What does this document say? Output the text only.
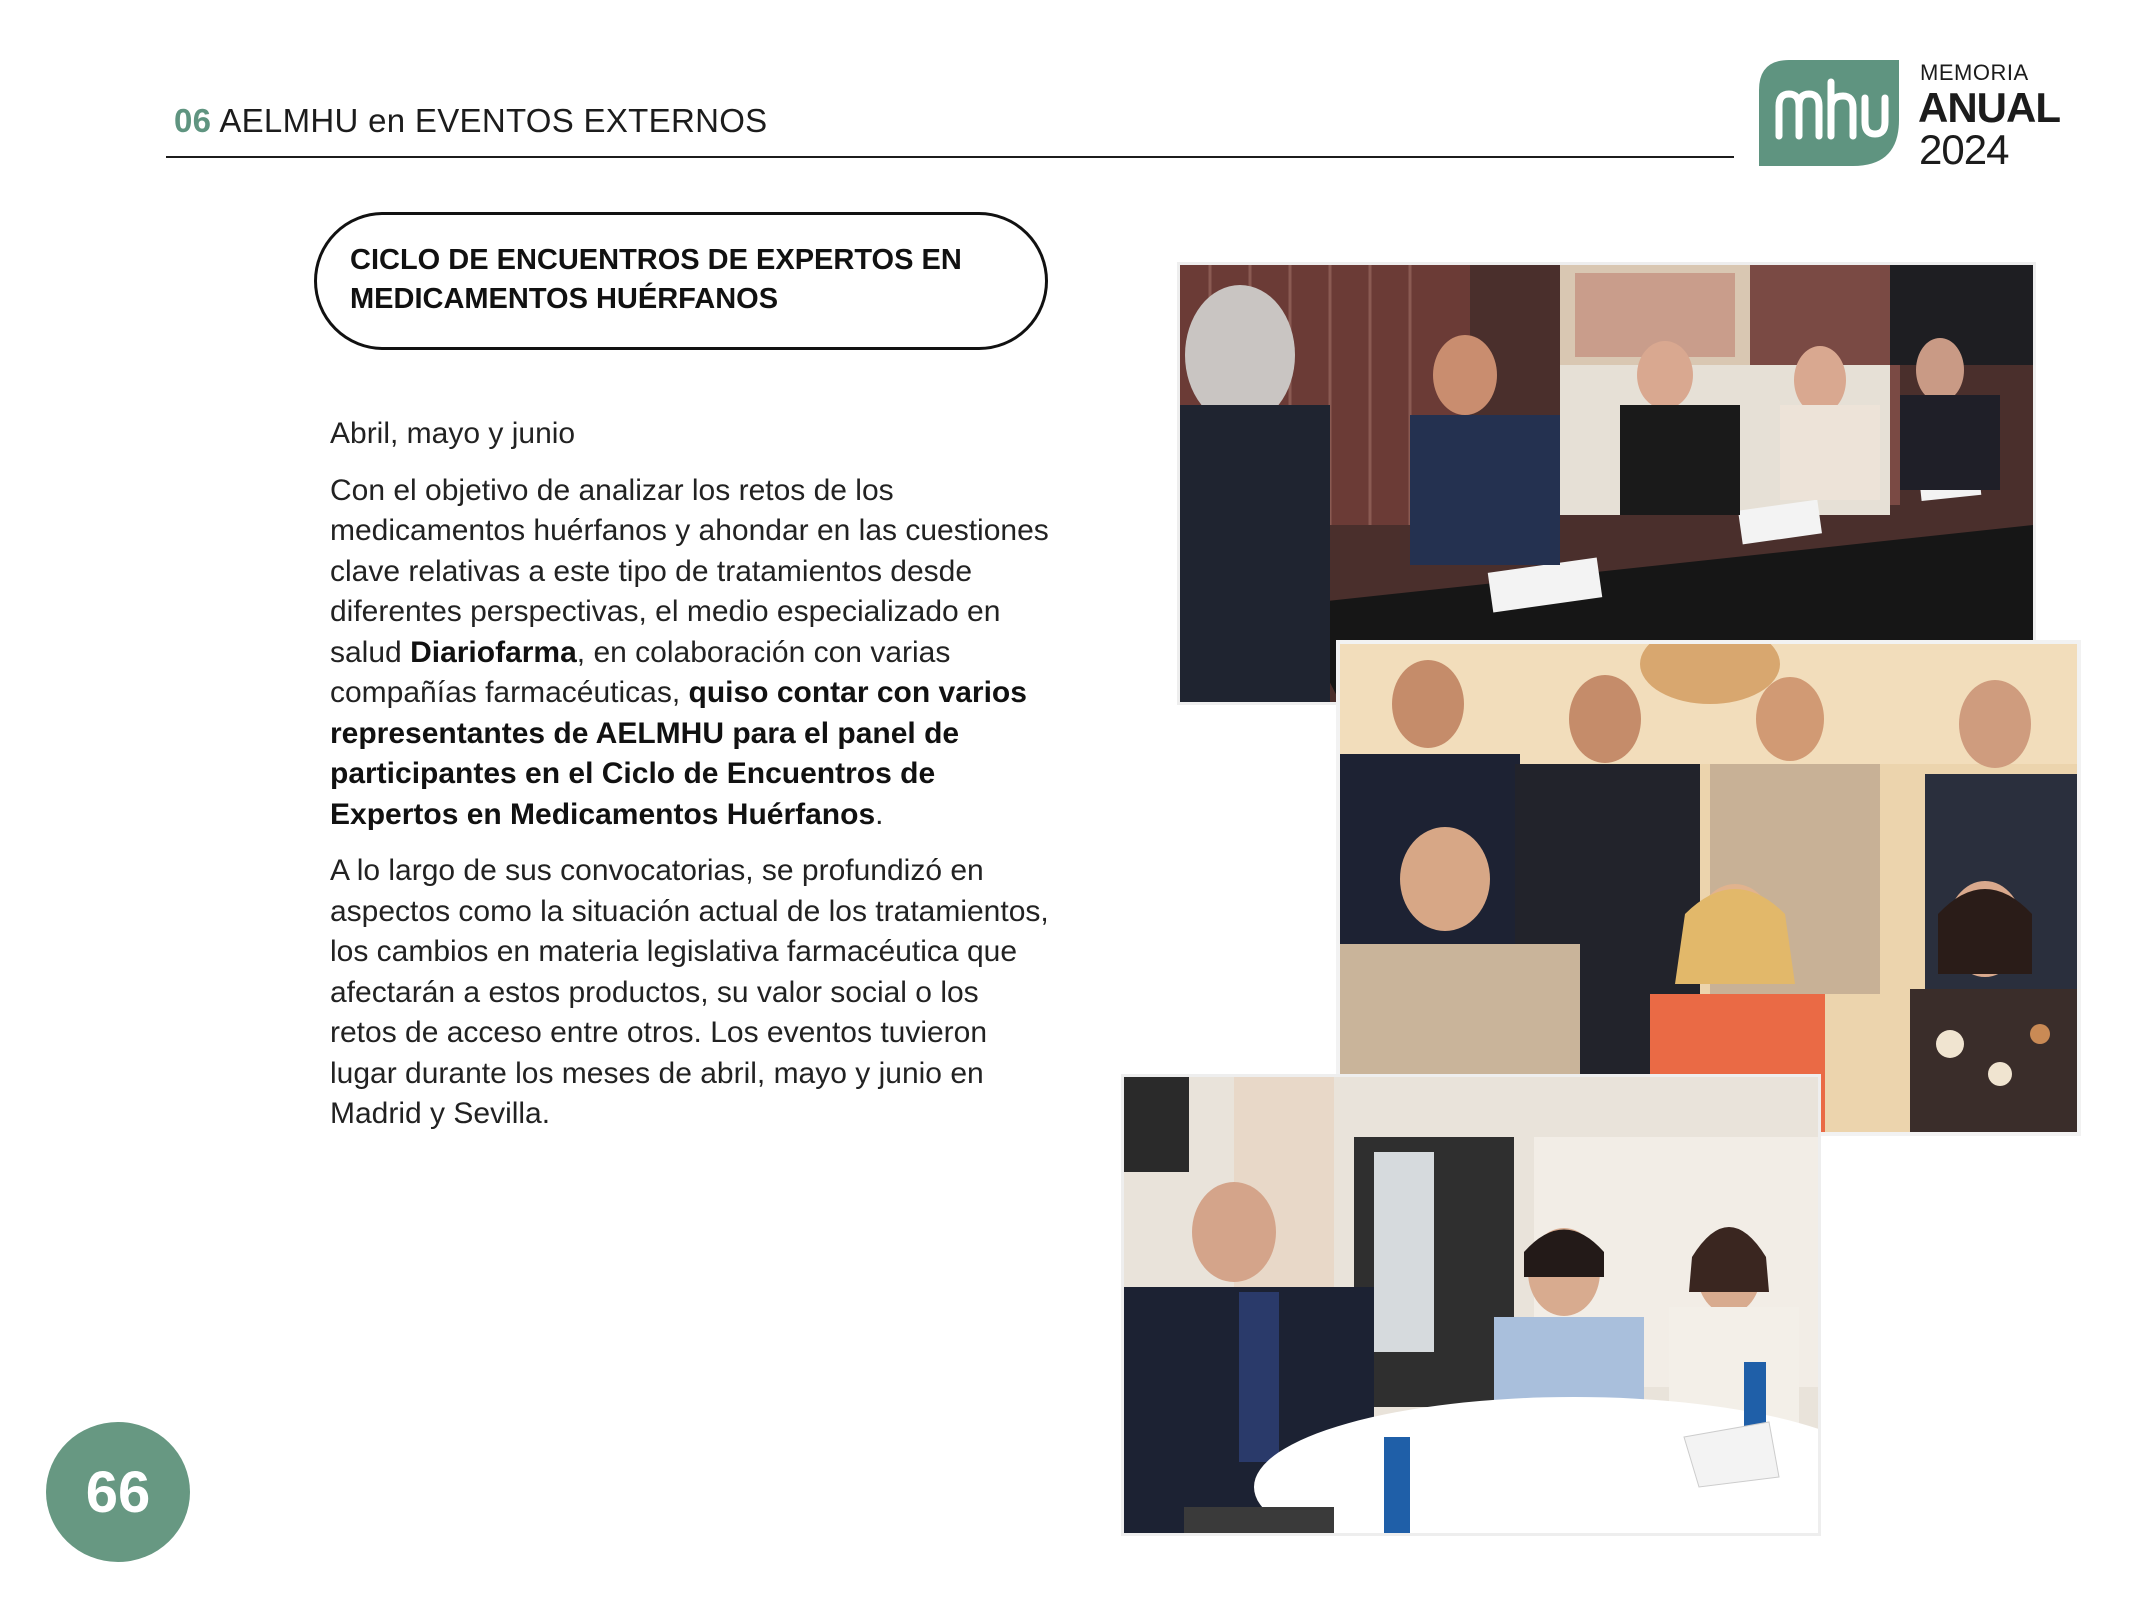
06 AELMHU en EVENTOS EXTERNOS
MEMORIA
ANUAL
2024
CICLO DE ENCUENTROS DE EXPERTOS EN MEDICAMENTOS HUÉRFANOS

Abril, mayo y junio

Con el objetivo de analizar los retos de los medicamentos huérfanos y ahondar en las cuestiones clave relativas a este tipo de tratamientos desde diferentes perspectivas, el medio especializado en salud Diariofarma, en colaboración con varias compañías farmacéuticas, quiso contar con varios representantes de AELMHU para el panel de participantes en el Ciclo de Encuentros de Expertos en Medicamentos Huérfanos.

A lo largo de sus convocatorias, se profundizó en aspectos como la situación actual de los tratamientos, los cambios en materia legislativa farmacéutica que afectarán a estos productos, su valor social o los retos de acceso entre otros. Los eventos tuvieron lugar durante los meses de abril, mayo y junio en Madrid y Sevilla.

66
